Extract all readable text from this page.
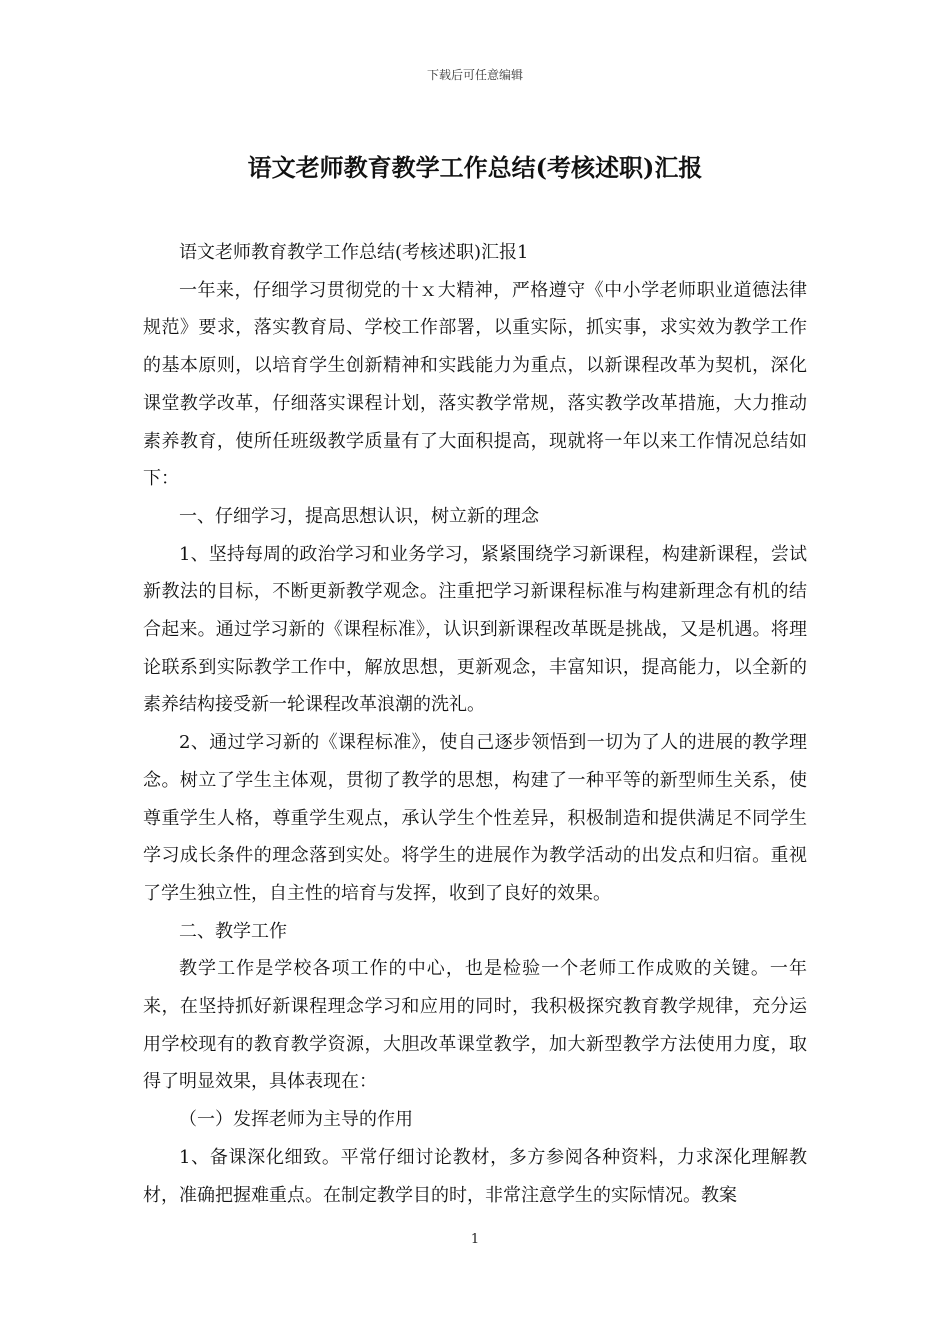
下载后可任意编辑
语文老师教育教学工作总结(考核述职)汇报

语文老师教育教学工作总结(考核述职)汇报1

一年来，仔细学习贯彻党的十ｘ大精神，严格遵守《中小学老师职业道德法律规范》要求，落实教育局、学校工作部署，以重实际，抓实事，求实效为教学工作的基本原则，以培育学生创新精神和实践能力为重点，以新课程改革为契机，深化课堂教学改革，仔细落实课程计划，落实教学常规，落实教学改革措施，大力推动素养教育，使所任班级教学质量有了大面积提高，现就将一年以来工作情况总结如下：

一、仔细学习，提高思想认识，树立新的理念

1、坚持每周的政治学习和业务学习，紧紧围绕学习新课程，构建新课程，尝试新教法的目标，不断更新教学观念。注重把学习新课程标准与构建新理念有机的结合起来。通过学习新的《课程标准》，认识到新课程改革既是挑战，又是机遇。将理论联系到实际教学工作中，解放思想，更新观念，丰富知识，提高能力，以全新的素养结构接受新一轮课程改革浪潮的洗礼。

2、通过学习新的《课程标准》，使自己逐步领悟到一切为了人的进展的教学理念。树立了学生主体观，贯彻了教学的思想，构建了一种平等的新型师生关系，使尊重学生人格，尊重学生观点，承认学生个性差异，积极制造和提供满足不同学生学习成长条件的理念落到实处。将学生的进展作为教学活动的出发点和归宿。重视了学生独立性，自主性的培育与发挥，收到了良好的效果。

二、教学工作

教学工作是学校各项工作的中心，也是检验一个老师工作成败的关键。一年来，在坚持抓好新课程理念学习和应用的同时，我积极探究教育教学规律，充分运用学校现有的教育教学资源，大胆改革课堂教学，加大新型教学方法使用力度，取得了明显效果，具体表现在：

（一）发挥老师为主导的作用

1、备课深化细致。平常仔细讨论教材，多方参阅各种资料，力求深化理解教材，准确把握难重点。在制定教学目的时，非常注意学生的实际情况。教案

1
